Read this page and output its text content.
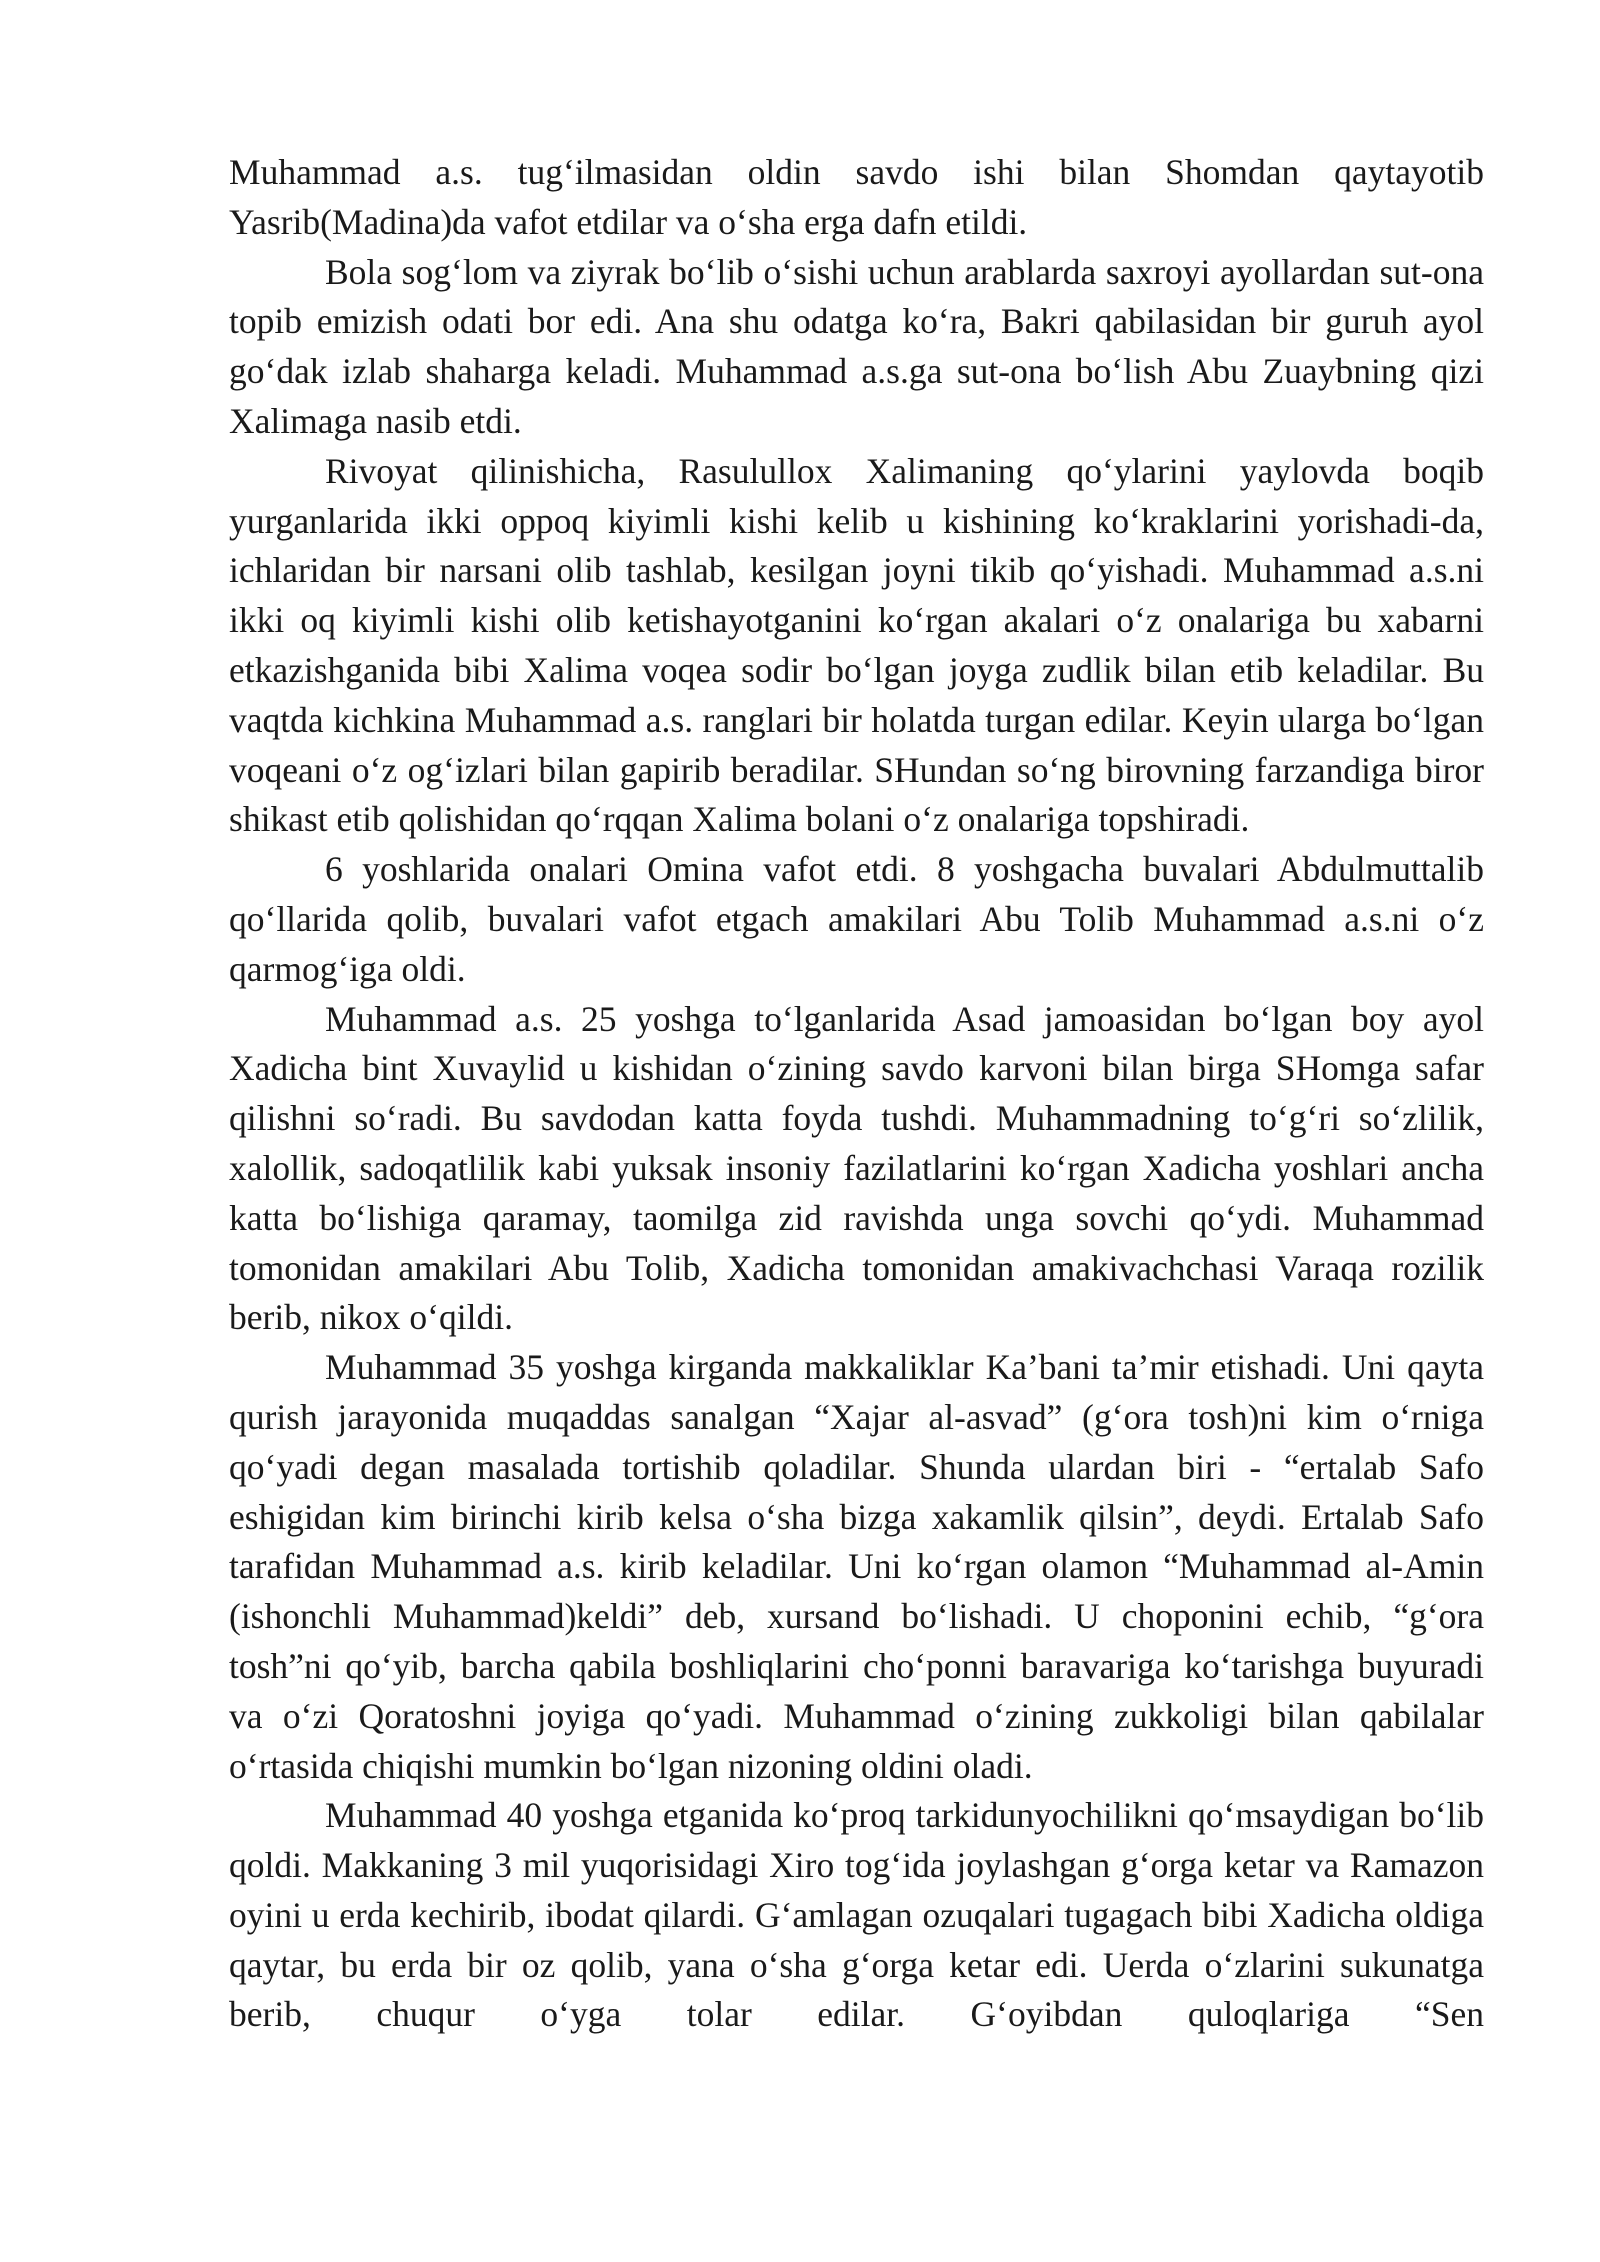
Muhammad a.s. tug‘ilmasidan oldin savdo ishi bilan Shomdan qaytayotib Yasrib(Madina)da vafot etdilar va o‘sha erga dafn etildi.

Bola sog‘lom va ziyrak bo‘lib o‘sishi uchun arablarda saxroyi ayollardan sut-ona topib emizish odati bor edi. Ana shu odatga ko‘ra, Bakri qabilasidan bir guruh ayol go‘dak izlab shaharga keladi. Muhammad a.s.ga sut-ona bo‘lish Abu Zuaybning qizi Xalimaga nasib etdi.

Rivoyat qilinishicha, Rasulullox Xalimaning qo‘ylarini yaylovda boqib yurganlarida ikki oppoq kiyimli kishi kelib u kishining ko‘kraklarini yorishadi-da, ichlaridan bir narsani olib tashlab, kesilgan joyni tikib qo‘yishadi. Muhammad a.s.ni ikki oq kiyimli kishi olib ketishayotganini ko‘rgan akalari o‘z onalariga bu xabarni etkazishganida bibi Xalima voqea sodir bo‘lgan joyga zudlik bilan etib keladilar. Bu vaqtda kichkina Muhammad a.s. ranglari bir holatda turgan edilar. Keyin ularga bo‘lgan voqeani o‘z og‘izlari bilan gapirib beradilar. SHundan so‘ng birovning farzandiga biror shikast etib qolishidan qo‘rqqan Xalima bolani o‘z onalariga topshiradi.

6 yoshlarida onalari Omina vafot etdi. 8 yoshgacha buvalari Abdulmuttalib qo‘llarida qolib, buvalari vafot etgach amakilari Abu Tolib Muhammad a.s.ni o‘z qarmog‘iga oldi.

Muhammad a.s. 25 yoshga to‘lganlarida Asad jamoasidan bo‘lgan boy ayol Xadicha bint Xuvaylid u kishidan o‘zining savdo karvoni bilan birga SHomga safar qilishni so‘radi. Bu savdodan katta foyda tushdi. Muhammadning to‘g‘ri so‘zlilik, xalollik, sadoqatlilik kabi yuksak insoniy fazilatlarini ko‘rgan Xadicha yoshlari ancha katta bo‘lishiga qaramay, taomilga zid ravishda unga sovchi qo‘ydi. Muhammad tomonidan amakilari Abu Tolib, Xadicha tomonidan amakivachchasi Varaqa rozilik berib, nikox o‘qildi.

Muhammad 35 yoshga kirganda makkaliklar Ka’bani ta’mir etishadi. Uni qayta qurish jarayonida muqaddas sanalgan “Xajar al-asvad” (g‘ora tosh)ni kim o‘rniga qo‘yadi degan masalada tortishib qoladilar. Shunda ulardan biri - “ertalab Safo eshigidan kim birinchi kirib kelsa o‘sha bizga xakamlik qilsin”, deydi. Ertalab Safo tarafidan Muhammad a.s. kirib keladilar. Uni ko‘rgan olamon “Muhammad al-Amin (ishonchli Muhammad)keldi” deb, xursand bo‘lishadi. U choponini echib, “g‘ora tosh”ni qo‘yib, barcha qabila boshliqlarini cho‘ponni baravariga ko‘tarishga buyuradi va o‘zi Qoratoshni joyiga qo‘yadi. Muhammad o‘zining zukkoligi bilan qabilalar o‘rtasida chiqishi mumkin bo‘lgan nizoning oldini oladi.

Muhammad 40 yoshga etganida ko‘proq tarkidunyochilikni qo‘msaydigan bo‘lib qoldi. Makkaning 3 mil yuqorisidagi Xiro tog‘ida joylashgan g‘orga ketar va Ramazon oyini u erda kechirib, ibodat qilardi. G‘amlagan ozuqalari tugagach bibi Xadicha oldiga qaytar, bu erda bir oz qolib, yana o‘sha g‘orga ketar edi. Uerda o‘zlarini sukunatga berib, chuqur o‘yga tolar edilar. G‘oyibdan quloqlariga “Sen
